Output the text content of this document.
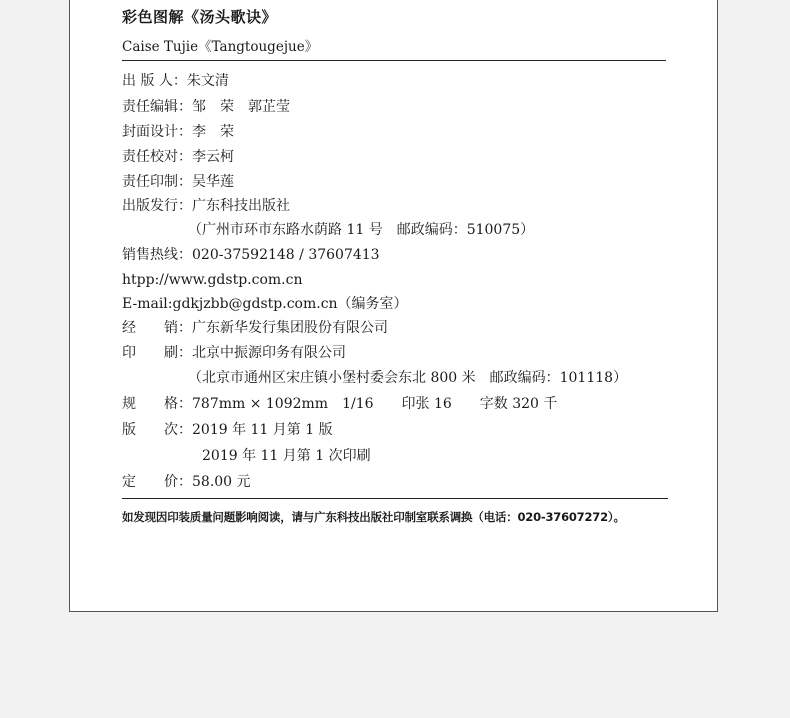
彩色图解《汤头歌诀》
Caise Tujie《Tangtougejue》
出 版 人：朱文清
责任编辑：邹　荣　郭芷莹
封面设计：李　荣
责任校对：李云柯
责任印制：吴华莲
出版发行：广东科技出版社
（广州市环市东路水荫路 11 号　邮政编码：510075）
销售热线：020-37592148 / 37607413
htpp://www.gdstp.com.cn
E-mail:gdkjzbb@gdstp.com.cn（编务室）
经　　销：广东新华发行集团股份有限公司
印　　刷：北京中振源印务有限公司
（北京市通州区宋庄镇小堡村委会东北 800 米　邮政编码：101118）
规　　格：787mm × 1092mm　1/16　　印张 16　　字数 320 千
版　　次：2019 年 11 月第 1 版
2019 年 11 月第 1 次印刷
定　　价：58.00 元
如发现因印装质量问题影响阅读，请与广东科技出版社印制室联系调换（电话：020-37607272）。
